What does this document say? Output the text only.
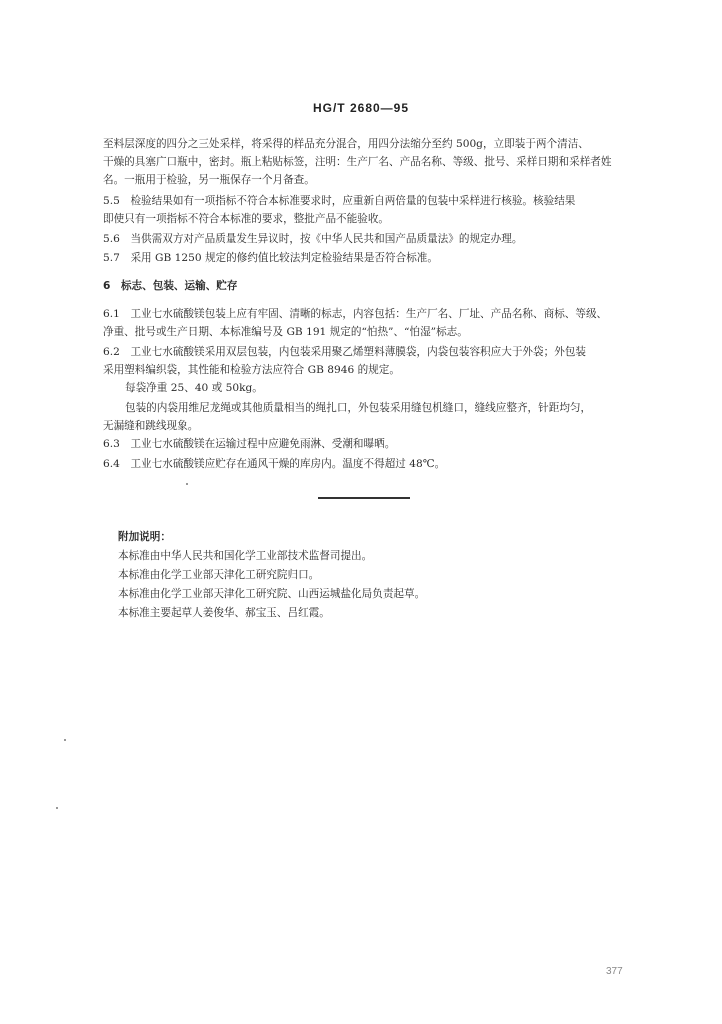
HG/T 2680—95
至料层深度的四分之三处采样，将采得的样品充分混合，用四分法缩分至约 500g，立即装于两个清洁、
干燥的具塞广口瓶中，密封。瓶上粘贴标签，注明：生产厂名、产品名称、等级、批号、采样日期和采样者姓
名。一瓶用于检验，另一瓶保存一个月备查。
5.5　检验结果如有一项指标不符合本标准要求时，应重新自两倍量的包装中采样进行核验。核验结果
即使只有一项指标不符合本标准的要求，整批产品不能验收。
5.6　当供需双方对产品质量发生异议时，按《中华人民共和国产品质量法》的规定办理。
5.7　采用 GB 1250 规定的修约值比较法判定检验结果是否符合标准。
6　标志、包装、运输、贮存
6.1　工业七水硫酸镁包装上应有牢固、清晰的标志，内容包括：生产厂名、厂址、产品名称、商标、等级、
净重、批号或生产日期、本标准编号及 GB 191 规定的“怕热”、“怕湿”标志。
6.2　工业七水硫酸镁采用双层包装，内包装采用聚乙烯塑料薄膜袋，内袋包装容积应大于外袋；外包装
采用塑料编织袋，其性能和检验方法应符合 GB 8946 的规定。
每袋净重 25、40 或 50kg。
包装的内袋用维尼龙绳或其他质量相当的绳扎口，外包装采用缝包机缝口，缝线应整齐，针距均匀，
无漏缝和跳线现象。
6.3　工业七水硫酸镁在运输过程中应避免雨淋、受潮和曝晒。
6.4　工业七水硫酸镁应贮存在通风干燥的库房内。温度不得超过 48℃。
附加说明：
本标准由中华人民共和国化学工业部技术监督司提出。
本标准由化学工业部天津化工研究院归口。
本标准由化学工业部天津化工研究院、山西运城盐化局负责起草。
本标准主要起草人姜俊华、郝宝玉、吕红霞。
377
